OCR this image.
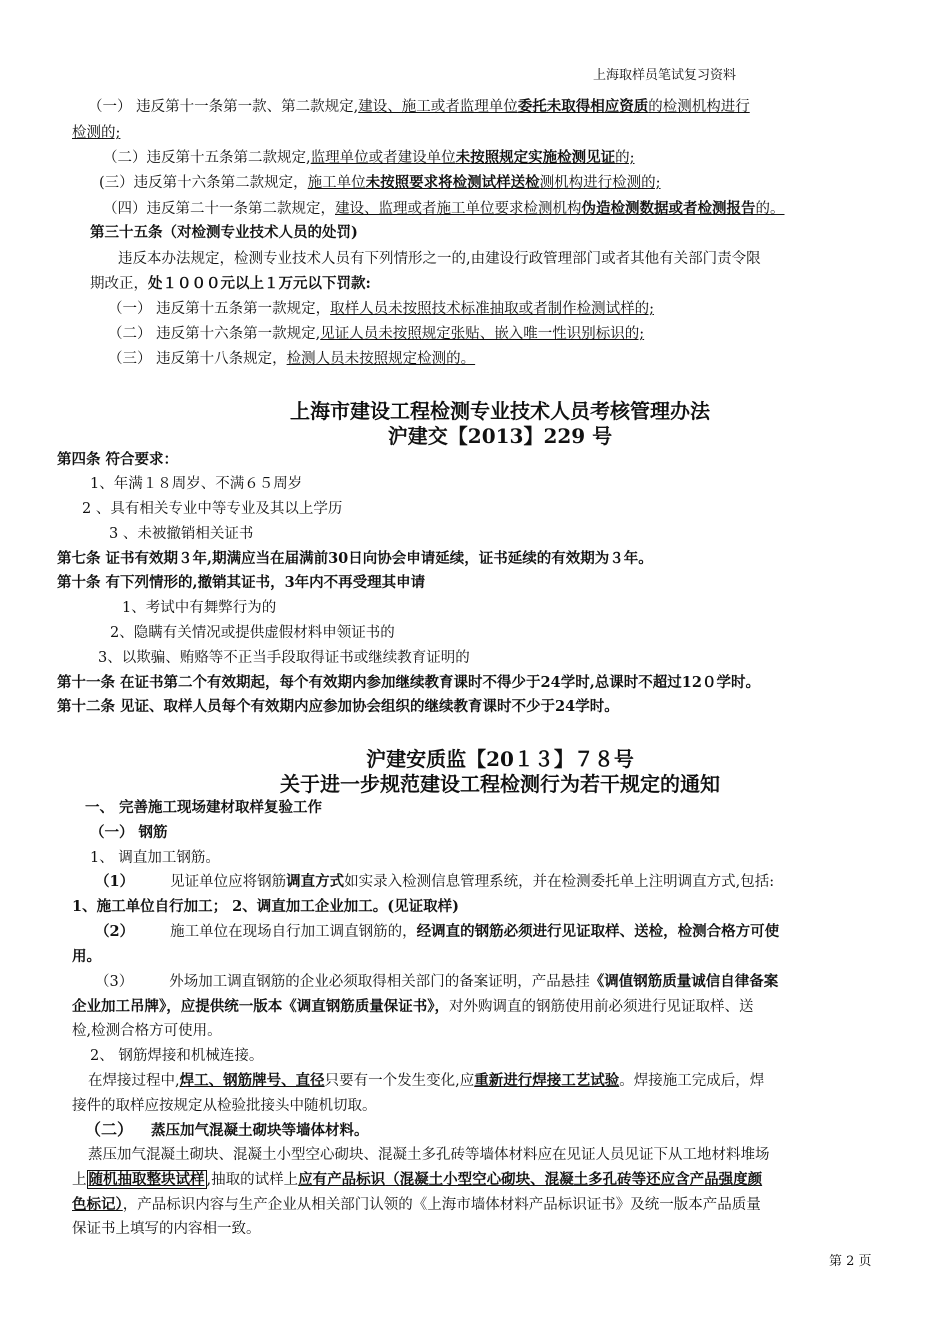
上海取样员笔试复习资料
（一） 违反第十一条第一款、第二款规定,建设、施工或者监理单位委托未取得相应资质的检测机构进行
检测的;
（二）违反第十五条第二款规定,监理单位或者建设单位未按照规定实施检测见证的;
(三）违反第十六条第二款规定，施工单位未按照要求将检测试样送检测机构进行检测的;
（四）违反第二十一条第二款规定，建设、监理或者施工单位要求检测机构伪造检测数据或者检测报告的。
第三十五条（对检测专业技术人员的处罚)
违反本办法规定，检测专业技术人员有下列情形之一的,由建设行政管理部门或者其他有关部门责令限
期改正，处１０００元以上１万元以下罚款:
（一） 违反第十五条第一款规定，取样人员未按照技术标准抽取或者制作检测试样的;
（二） 违反第十六条第一款规定,见证人员未按照规定张贴、嵌入唯一性识别标识的;
（三） 违反第十八条规定，检测人员未按照规定检测的。
上海市建设工程检测专业技术人员考核管理办法
沪建交【2013】229 号
第四条 符合要求：
1、年满１８周岁、不满６５周岁
2 、具有相关专业中等专业及其以上学历
3 、未被撤销相关证书
第七条 证书有效期３年,期满应当在届满前30日向协会申请延续，证书延续的有效期为３年。
第十条 有下列情形的,撤销其证书，3年内不再受理其申请
1、考试中有舞弊行为的
2、隐瞒有关情况或提供虚假材料申领证书的
3、以欺骗、贿赂等不正当手段取得证书或继续教育证明的
第十一条 在证书第二个有效期起，每个有效期内参加继续教育课时不得少于24学时,总课时不超过12０学时。
第十二条 见证、取样人员每个有效期内应参加协会组织的继续教育课时不少于24学时。
沪建安质监【20１３】７８号
关于进一步规范建设工程检测行为若干规定的通知
一、 完善施工现场建材取样复验工作
（一） 钢筋
1、 调直加工钢筋。
（1） 见证单位应将钢筋调直方式如实录入检测信息管理系统，并在检测委托单上注明调直方式,包括:
1、施工单位自行加工； 2、调直加工企业加工。(见证取样)
（2） 施工单位在现场自行加工调直钢筋的，经调直的钢筋必须进行见证取样、送检，检测合格方可使
用。
（3） 外场加工调直钢筋的企业必须取得相关部门的备案证明，产品悬挂《调值钢筋质量诚信自律备案
企业加工吊牌》，应提供统一版本《调直钢筋质量保证书》，对外购调直的钢筋使用前必须进行见证取样、送
检,检测合格方可使用。
2、 钢筋焊接和机械连接。
在焊接过程中,焊工、钢筋牌号、直径只要有一个发生变化,应重新进行焊接工艺试验。焊接施工完成后，焊
接件的取样应按规定从检验批接头中随机切取。
（二） 蒸压加气混凝土砌块等墙体材料。
蒸压加气混凝土砌块、混凝土小型空心砌块、混凝土多孔砖等墙体材料应在见证人员见证下从工地材料堆场
上 随机抽取整块试样 ,抽取的试样上应有产品标识（混凝土小型空心砌块、混凝土多孔砖等还应含产品强度颜
色标记），产品标识内容与生产企业从相关部门认领的《上海市墙体材料产品标识证书》及统一版本产品质量
保证书上填写的内容相一致。
第 2 页
